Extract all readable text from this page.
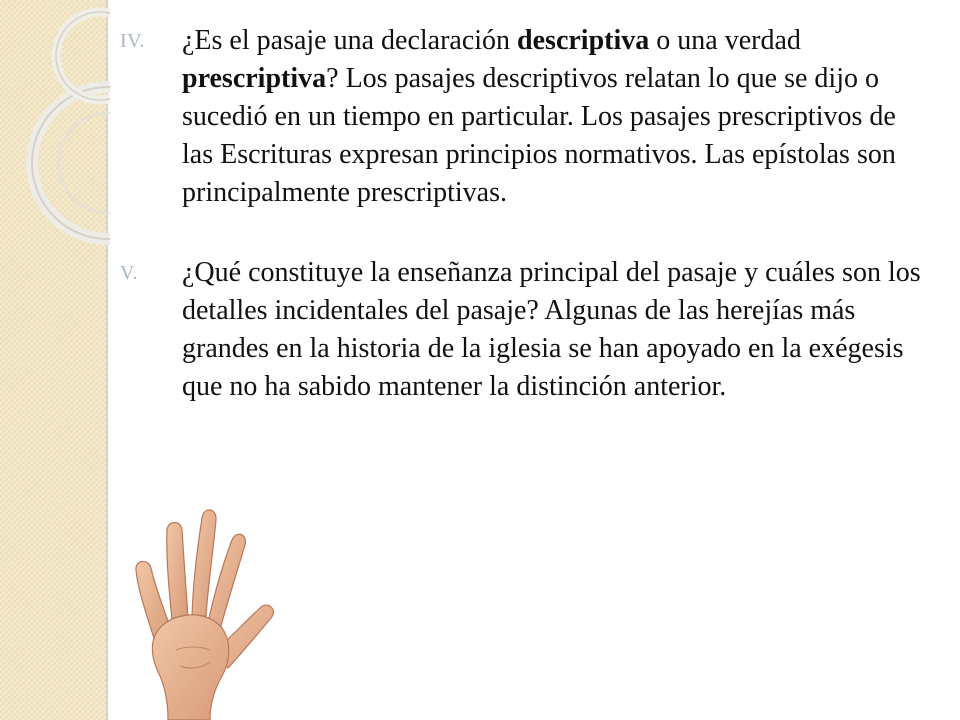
IV.	¿Es el pasaje una declaración descriptiva o una verdad prescriptiva? Los pasajes descriptivos relatan lo que se dijo o sucedió en un tiempo en particular. Los pasajes prescriptivos de las Escrituras expresan principios normativos. Las epístolas son principalmente prescriptivas.
V.	¿Qué constituye la enseñanza principal del pasaje y cuáles son los detalles incidentales del pasaje? Algunas de las herejías más grandes en la historia de la iglesia se han apoyado en la exégesis que no ha sabido mantener la distinción anterior.
